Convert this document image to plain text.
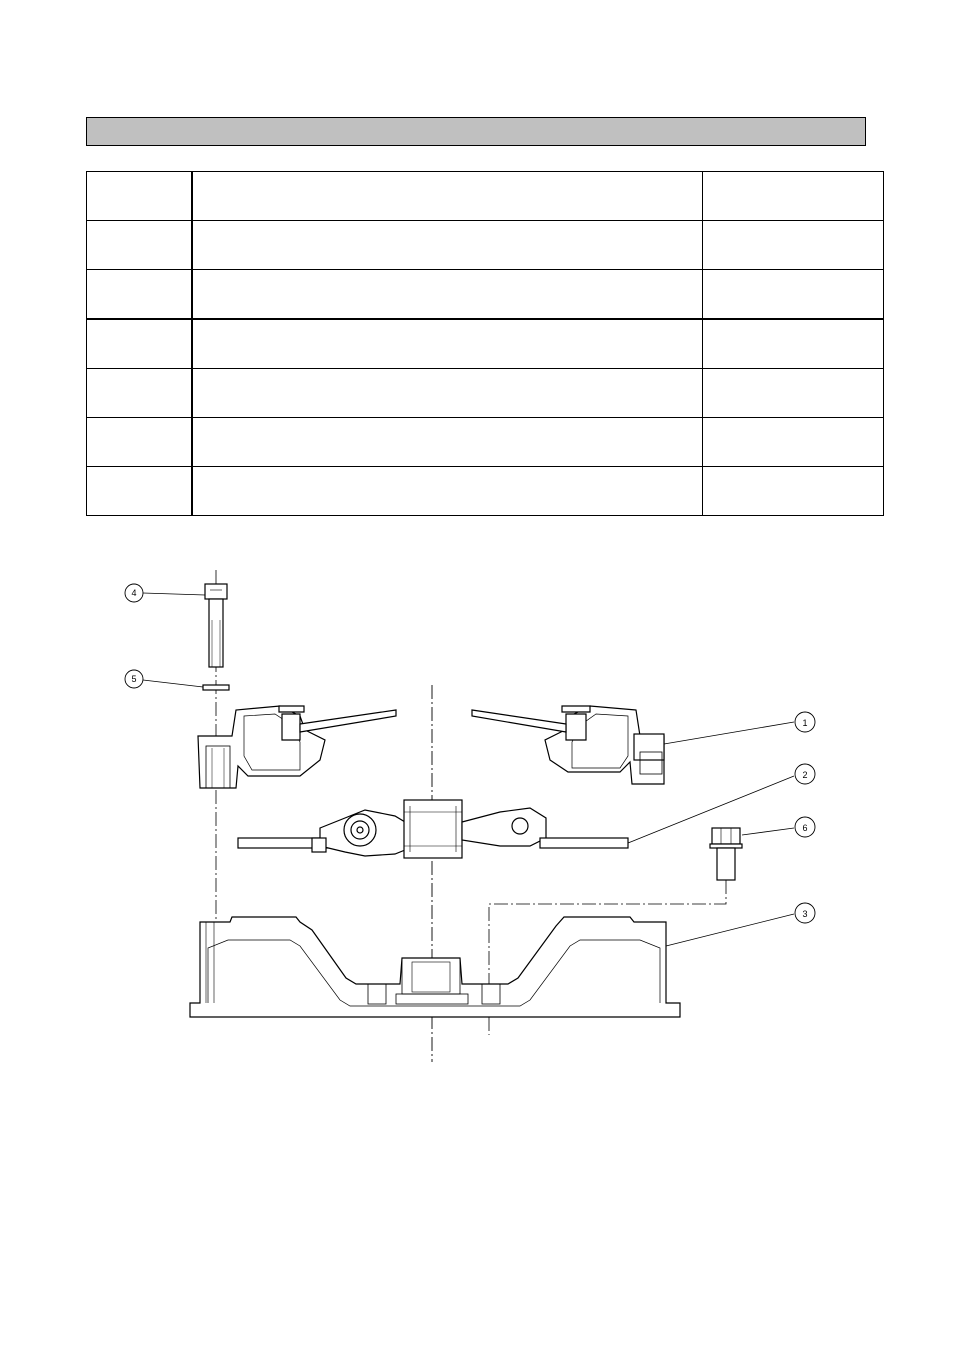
4
5
1
2
6
3
